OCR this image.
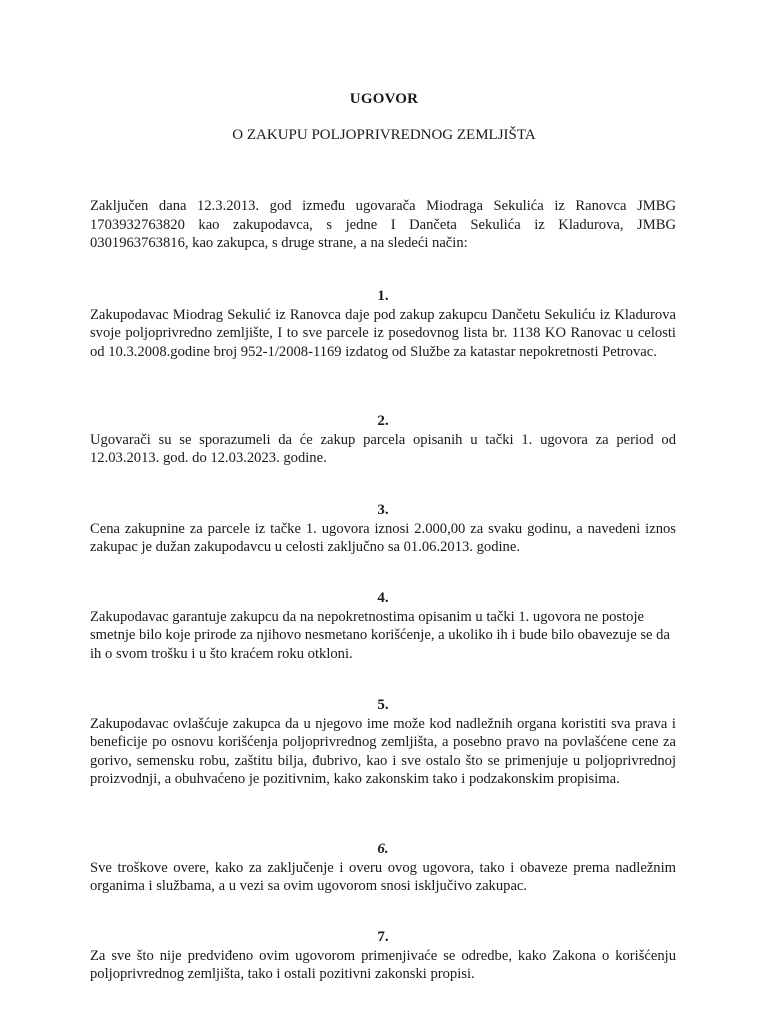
UGOVOR
O ZAKUPU POLJOPRIVREDNOG ZEMLJIŠTA

Zaključen dana 12.3.2013. god između ugovarača Miodraga Sekulića iz Ranovca JMBG 1703932763820 kao zakupodavca, s jedne I Dančeta Sekulića iz Kladurova, JMBG 0301963763816, kao zakupca, s druge strane, a na sledeći način:

1.

Zakupodavac Miodrag Sekulić iz Ranovca daje pod zakup zakupcu Dančetu Sekuliću iz Kladurova svoje poljoprivredno zemljište, I to sve parcele iz posedovnog lista br. 1138 KO Ranovac u celosti od 10.3.2008.godine broj 952-1/2008-1169 izdatog od Službe za katastar nepokretnosti Petrovac.

2.

Ugovarači su se sporazumeli da će zakup parcela opisanih u tački 1. ugovora za period od 12.03.2013. god. do 12.03.2023. godine.

3.

Cena zakupnine za parcele iz tačke 1. ugovora iznosi 2.000,00 za svaku godinu, a navedeni iznos zakupac je dužan zakupodavcu u celosti zaključno sa 01.06.2013. godine.

4.

Zakupodavac garantuje zakupcu da na nepokretnostima opisanim u tački 1. ugovora ne postoje smetnje bilo koje prirode za njihovo nesmetano korišćenje, a ukoliko ih i bude bilo obavezuje se da ih o svom trošku i u što kraćem roku otkloni.

5.

Zakupodavac ovlašćuje zakupca da u njegovo ime može kod nadležnih organa koristiti sva prava i beneficije po osnovu korišćenja poljoprivrednog zemljišta, a posebno pravo na povlašćene cene za gorivo, semensku robu, zaštitu bilja, đubrivo, kao i sve ostalo što se primenjuje u poljoprivrednoj proizvodnji, a obuhvaćeno je pozitivnim, kako zakonskim tako i podzakonskim propisima.

6.

Sve troškove overe, kako za zaključenje i overu ovog ugovora, tako i obaveze prema nadležnim organima i službama, a u vezi sa ovim ugovorom snosi isključivo zakupac.

7.

Za sve što nije predviđeno ovim ugovorom primenjivaće se odredbe, kako Zakona o korišćenju poljoprivrednog zemljišta, tako i ostali pozitivni zakonski propisi.
